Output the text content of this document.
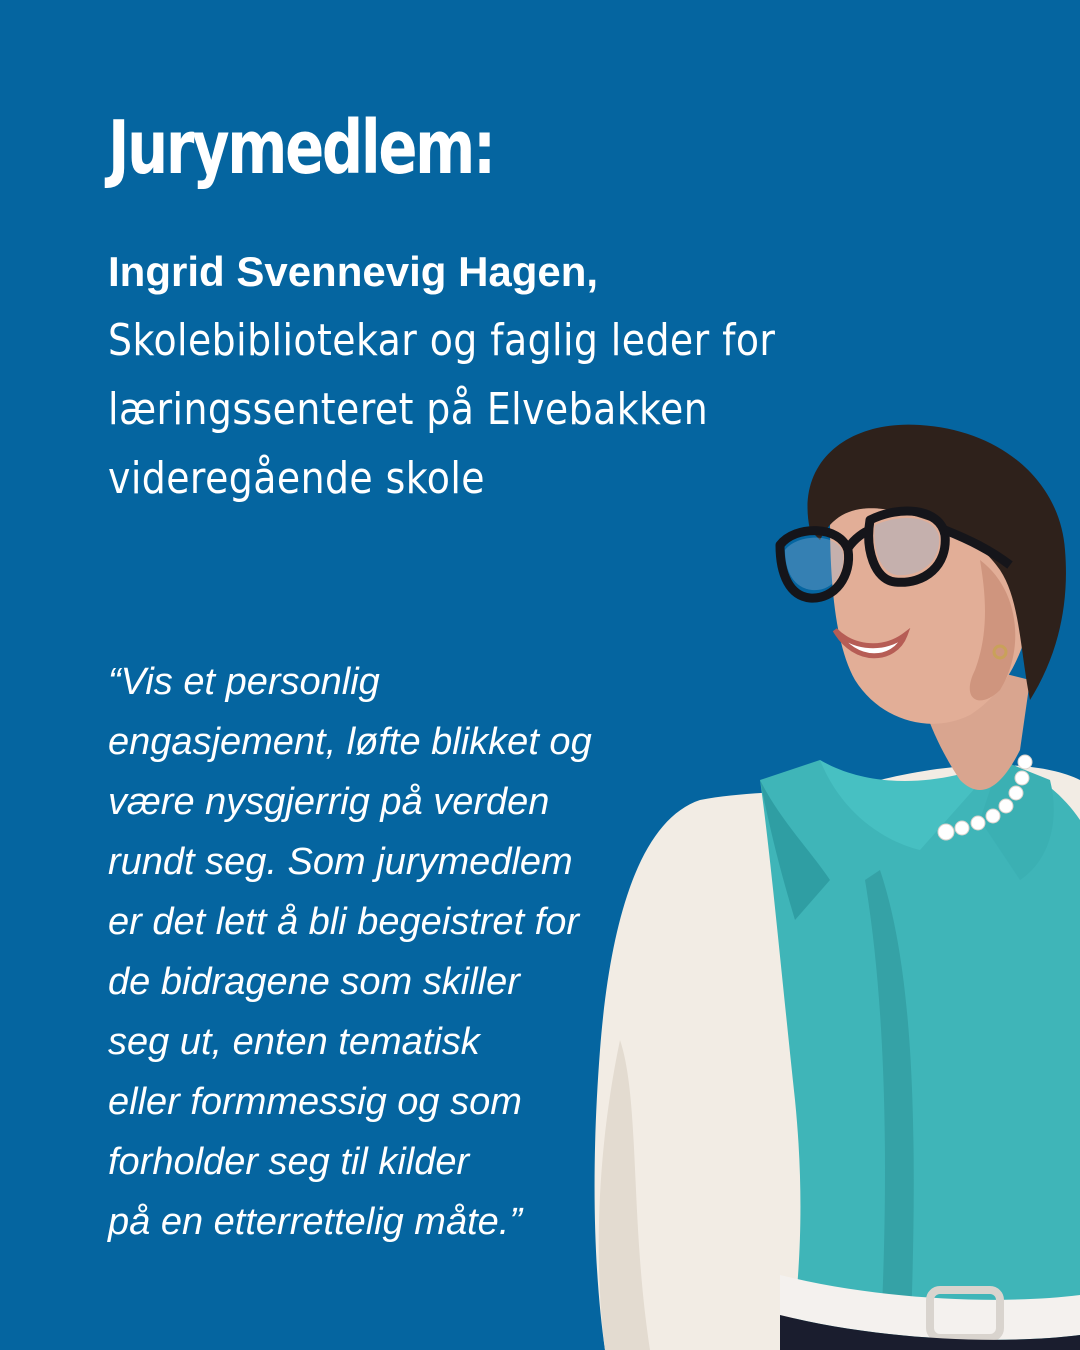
Jurymedlem:

Ingrid Svennevig Hagen,

Skolebibliotekar og faglig leder for
læringssenteret på Elvebakken
videregående skole

“Vis et personlig
engasjement, løfte blikket og
være nysgjerrig på verden
rundt seg. Som jurymedlem
er det lett å bli begeistret for
de bidragene som skiller
seg ut, enten tematisk
eller formmessig og som
forholder seg til kilder
på en etterrettelig måte.”
